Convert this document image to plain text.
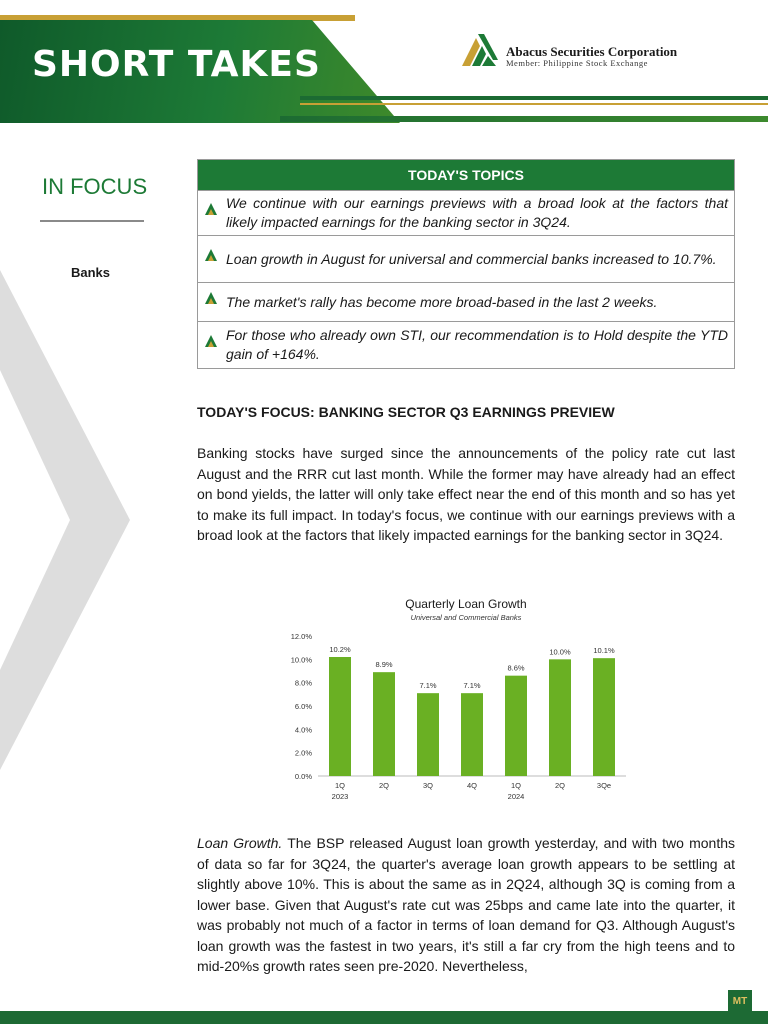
SHORT TAKES	Abacus Securities Corporation
Member: Philippine Stock Exchange
IN FOCUS
Banks
TODAY'S TOPICS
We continue with our earnings previews with a broad look at the factors that likely impacted earnings for the banking sector in 3Q24.
Loan growth in August for universal and commercial banks increased to 10.7%.
The market's rally has become more broad-based in the last 2 weeks.
For those who already own STI, our recommendation is to Hold despite the YTD gain of +164%.
TODAY'S FOCUS: BANKING SECTOR Q3 EARNINGS PREVIEW
Banking stocks have surged since the announcements of the policy rate cut last August and the RRR cut last month. While the former may have already had an effect on bond yields, the latter will only take effect near the end of this month and so has yet to make its full impact. In today's focus, we continue with our earnings previews with a broad look at the factors that likely impacted earnings for the banking sector in 3Q24.
Quarterly Loan Growth
Universal and Commercial Banks
0.0%
2.0%
4.0%
6.0%
8.0%
10.0%
12.0%
10.2%
1Q
2023
8.9%
2Q
7.1%
3Q
7.1%
4Q
8.6%
1Q
2024
10.0%
2Q
10.1%
3Qe
Loan Growth. The BSP released August loan growth yesterday, and with two months of data so far for 3Q24, the quarter's average loan growth appears to be settling at slightly above 10%. This is about the same as in 2Q24, although 3Q is coming from a lower base. Given that August's rate cut was 25bps and came late into the quarter, it was probably not much of a factor in terms of loan demand for Q3. Although August's loan growth was the fastest in two years, it's still a far cry from the high teens and to mid-20%s growth rates seen pre-2020. Nevertheless,
MT
